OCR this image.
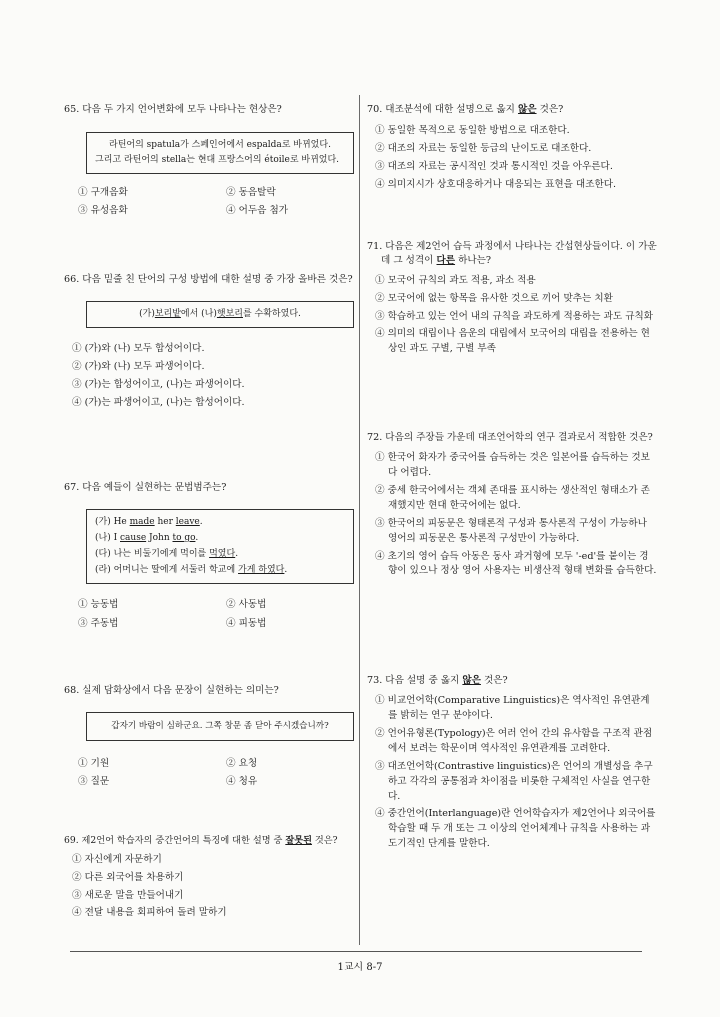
65. 다음 두 가지 언어변화에 모두 나타나는 현상은?

라틴어의 spatula가 스페인어에서 espalda로 바뀌었다.
그리고 라틴어의 stella는 현대 프랑스어의 étoile로 바뀌었다.
① 구개음화	② 동음탈락
③ 유성음화	④ 어두음 첨가

66. 다음 밑줄 친 단어의 구성 방법에 대한 설명 중 가장 올바른 것은?

(가)보리밭에서 (나)햇보리를 수확하였다.
① (가)와 (나) 모두 합성어이다.
② (가)와 (나) 모두 파생어이다.
③ (가)는 합성어이고, (나)는 파생어이다.
④ (가)는 파생어이고, (나)는 합성어이다.

67. 다음 예들이 실현하는 문법범주는?

(가) He made her leave.
(나) I cause John to go.
(다) 나는 비둘기에게 먹이를 먹였다.
(라) 어머니는 딸에게 서둘러 학교에 가게 하였다.
① 능동법	② 사동법
③ 주동법	④ 피동법

68. 실제 담화상에서 다음 문장이 실현하는 의미는?

갑자기 바람이 심하군요. 그쪽 창문 좀 닫아 주시겠습니까?
① 기원	② 요청
③ 질문	④ 청유

69. 제2언어 학습자의 중간언어의 특징에 대한 설명 중 잘못된 것은?

① 자신에게 자문하기
② 다른 외국어를 차용하기
③ 새로운 말을 만들어내기
④ 전달 내용을 회피하여 돌려 말하기

70. 대조분석에 대한 설명으로 옳지 않은 것은?

① 동일한 목적으로 동일한 방법으로 대조한다.
② 대조의 자료는 동일한 등급의 난이도로 대조한다.
③ 대조의 자료는 공시적인 것과 통시적인 것을 아우른다.
④ 의미지시가 상호대응하거나 대응되는 표현을 대조한다.

71. 다음은 제2언어 습득 과정에서 나타나는 간섭현상들이다. 이 가운데 그 성격이 다른 하나는?

① 모국어 규칙의 과도 적용, 과소 적용
② 모국어에 없는 항목을 유사한 것으로 끼어 맞추는 치환
③ 학습하고 있는 언어 내의 규칙을 과도하게 적용하는 과도 규칙화
④ 의미의 대립이나 음운의 대립에서 모국어의 대립을 전용하는 현상인 과도 구별, 구별 부족

72. 다음의 주장들 가운데 대조언어학의 연구 결과로서 적합한 것은?

① 한국어 화자가 중국어를 습득하는 것은 일본어를 습득하는 것보다 어렵다.
② 중세 한국어에서는 객체 존대를 표시하는 생산적인 형태소가 존재했지만 현대 한국어에는 없다.
③ 한국어의 피동문은 형태론적 구성과 통사론적 구성이 가능하나 영어의 피동문은 통사론적 구성만이 가능하다.
④ 초기의 영어 습득 아동은 동사 과거형에 모두 '-ed'를 붙이는 경향이 있으나 정상 영어 사용자는 비생산적 형태 변화를 습득한다.

73. 다음 설명 중 옳지 않은 것은?

① 비교언어학(Comparative Linguistics)은 역사적인 유연관계를 밝히는 연구 분야이다.
② 언어유형론(Typology)은 여러 언어 간의 유사함을 구조적 관점에서 보려는 학문이며 역사적인 유연관계를 고려한다.
③ 대조언어학(Contrastive linguistics)은 언어의 개별성을 추구하고 각각의 공통점과 차이점을 비롯한 구체적인 사실을 연구한다.
④ 중간언어(Interlanguage)란 언어학습자가 제2언어나 외국어를 학습할 때 두 개 또는 그 이상의 언어체계나 규칙을 사용하는 과도기적인 단계를 말한다.
1교시 8-7
